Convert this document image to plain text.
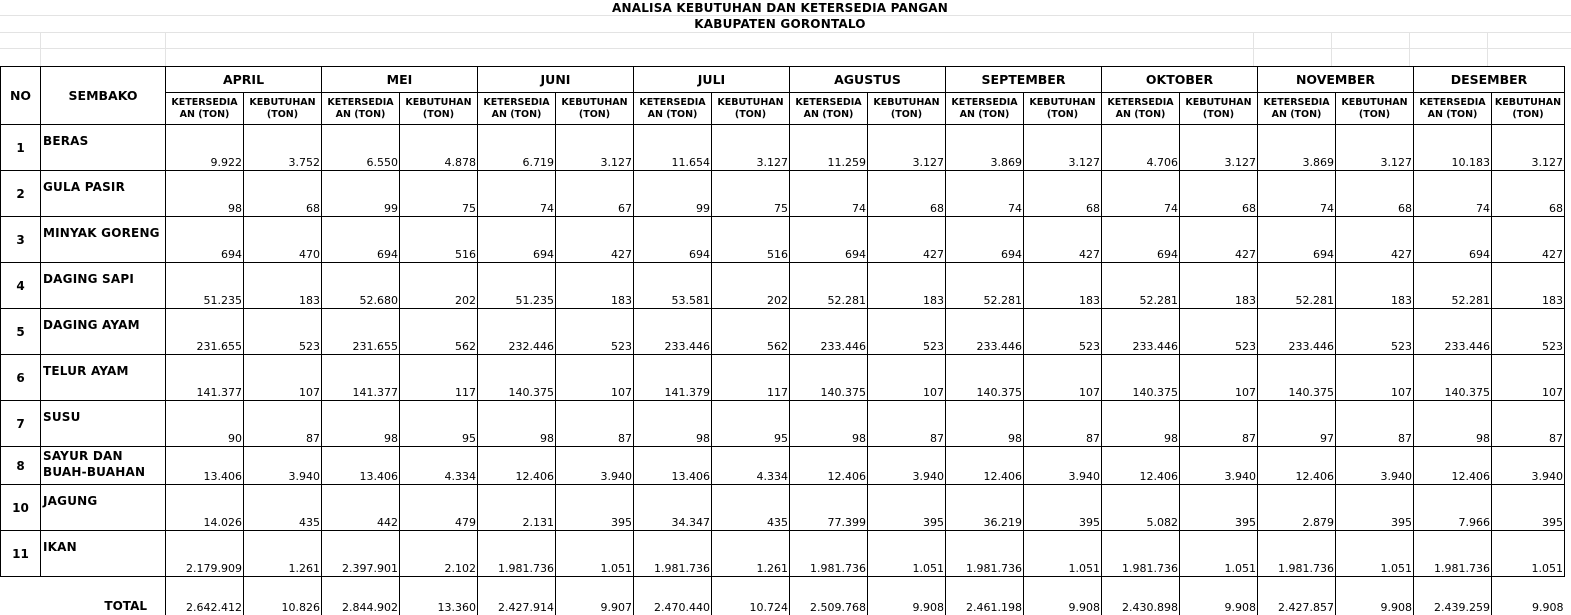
ANALISA KEBUTUHAN DAN KETERSEDIA PANGAN
KABUPATEN GORONTALO
NO	SEMBAKO	APRIL		MEI		JUNI		JULI		AGUSTUS		SEPTEMBER		OKTOBER		NOVEMBER		DESEMBER	
		KETERSEDIA AN (TON)	KEBUTUHAN (TON)	KETERSEDIA AN (TON)	KEBUTUHAN (TON)	KETERSEDIA AN (TON)	KEBUTUHAN (TON)	KETERSEDIA AN (TON)	KEBUTUHAN (TON)	KETERSEDIA AN (TON)	KEBUTUHAN (TON)	KETERSEDIA AN (TON)	KEBUTUHAN (TON)	KETERSEDIA AN (TON)	KEBUTUHAN (TON)	KETERSEDIA AN (TON)	KEBUTUHAN (TON)	KETERSEDIA AN (TON)	KEBUTUHAN (TON)
1	BERAS	9.922	3.752	6.550	4.878	6.719	3.127	11.654	3.127	11.259	3.127	3.869	3.127	4.706	3.127	3.869	3.127	10.183	3.127
2	GULA PASIR	98	68	99	75	74	67	99	75	74	68	74	68	74	68	74	68	74	68
3	MINYAK GORENG	694	470	694	516	694	427	694	516	694	427	694	427	694	427	694	427	694	427
4	DAGING SAPI	51.235	183	52.680	202	51.235	183	53.581	202	52.281	183	52.281	183	52.281	183	52.281	183	52.281	183
5	DAGING AYAM	231.655	523	231.655	562	232.446	523	233.446	562	233.446	523	233.446	523	233.446	523	233.446	523	233.446	523
6	TELUR AYAM	141.377	107	141.377	117	140.375	107	141.379	117	140.375	107	140.375	107	140.375	107	140.375	107	140.375	107
7	SUSU	90	87	98	95	98	87	98	95	98	87	98	87	98	87	97	87	98	87
8	SAYUR DAN BUAH-BUAHAN	13.406	3.940	13.406	4.334	12.406	3.940	13.406	4.334	12.406	3.940	12.406	3.940	12.406	3.940	12.406	3.940	12.406	3.940
10	JAGUNG	14.026	435	442	479	2.131	395	34.347	435	77.399	395	36.219	395	5.082	395	2.879	395	7.966	395
11	IKAN	2.179.909	1.261	2.397.901	2.102	1.981.736	1.051	1.981.736	1.261	1.981.736	1.051	1.981.736	1.051	1.981.736	1.051	1.981.736	1.051	1.981.736	1.051
TOTAL		2.642.412	10.826	2.844.902	13.360	2.427.914	9.907	2.470.440	10.724	2.509.768	9.908	2.461.198	9.908	2.430.898	9.908	2.427.857	9.908	2.439.259	9.908
